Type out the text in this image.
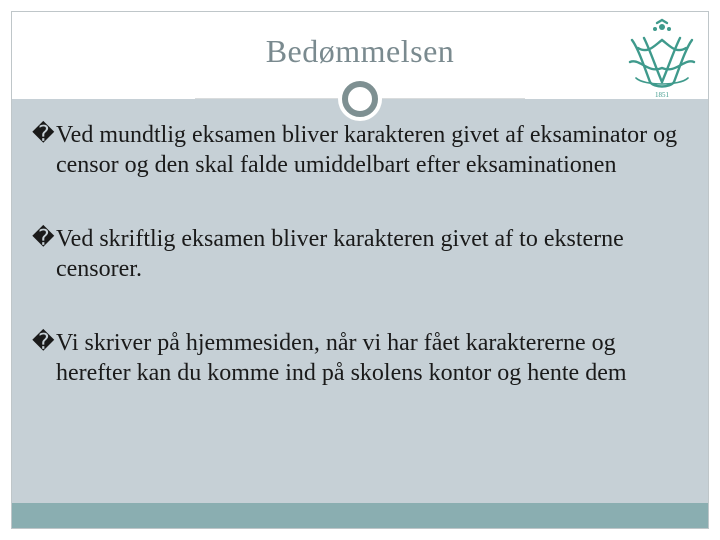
Bedømmelsen
1851

� Ved mundtlig eksamen bliver karakteren givet af eksaminator og censor og den skal falde umiddelbart efter eksaminationen

� Ved skriftlig eksamen bliver karakteren givet af to eksterne censorer.

� Vi skriver på hjemmesiden, når vi har fået karaktererne og herefter kan du komme ind på skolens kontor og hente dem
